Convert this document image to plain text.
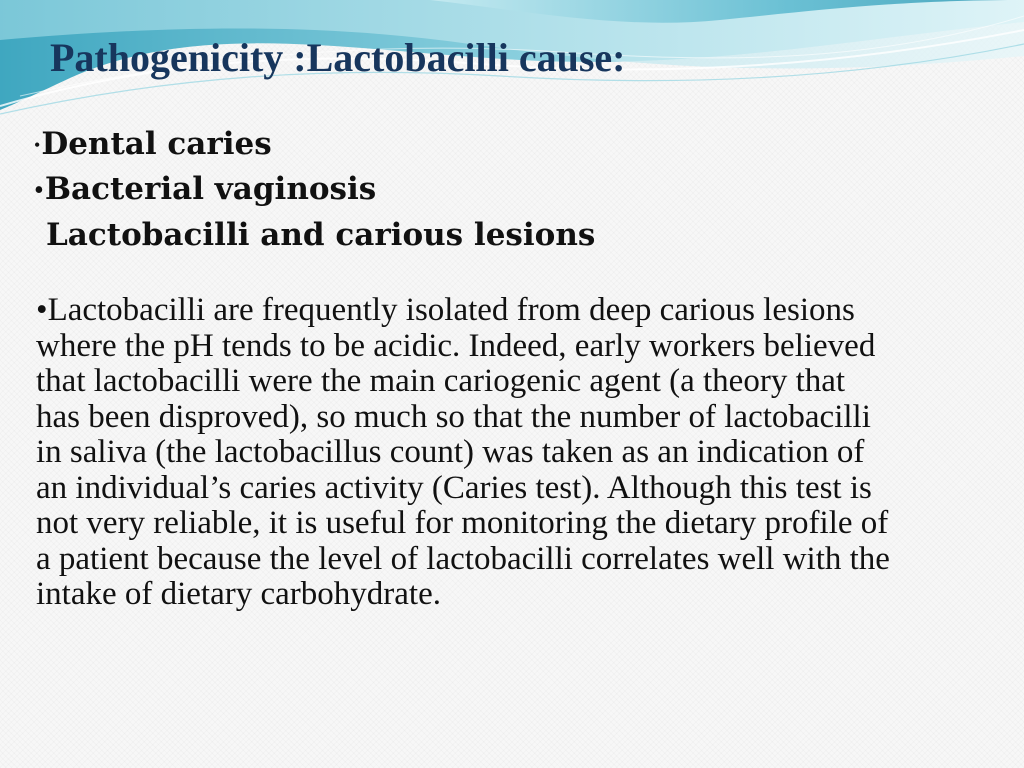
Pathogenicity :Lactobacilli cause:
•Dental caries
•Bacterial vaginosis
Lactobacilli and carious lesions

•Lactobacilli are frequently isolated from deep carious lesions
where the pH tends to be acidic. Indeed, early workers believed
that lactobacilli were the main cariogenic agent (a theory that
has been disproved), so much so that the number of lactobacilli
in saliva (the lactobacillus count) was taken as an indication of
an individual’s caries activity (Caries test). Although this test is
not very reliable, it is useful for monitoring the dietary profile of
a patient because the level of lactobacilli correlates well with the
intake of dietary carbohydrate.
